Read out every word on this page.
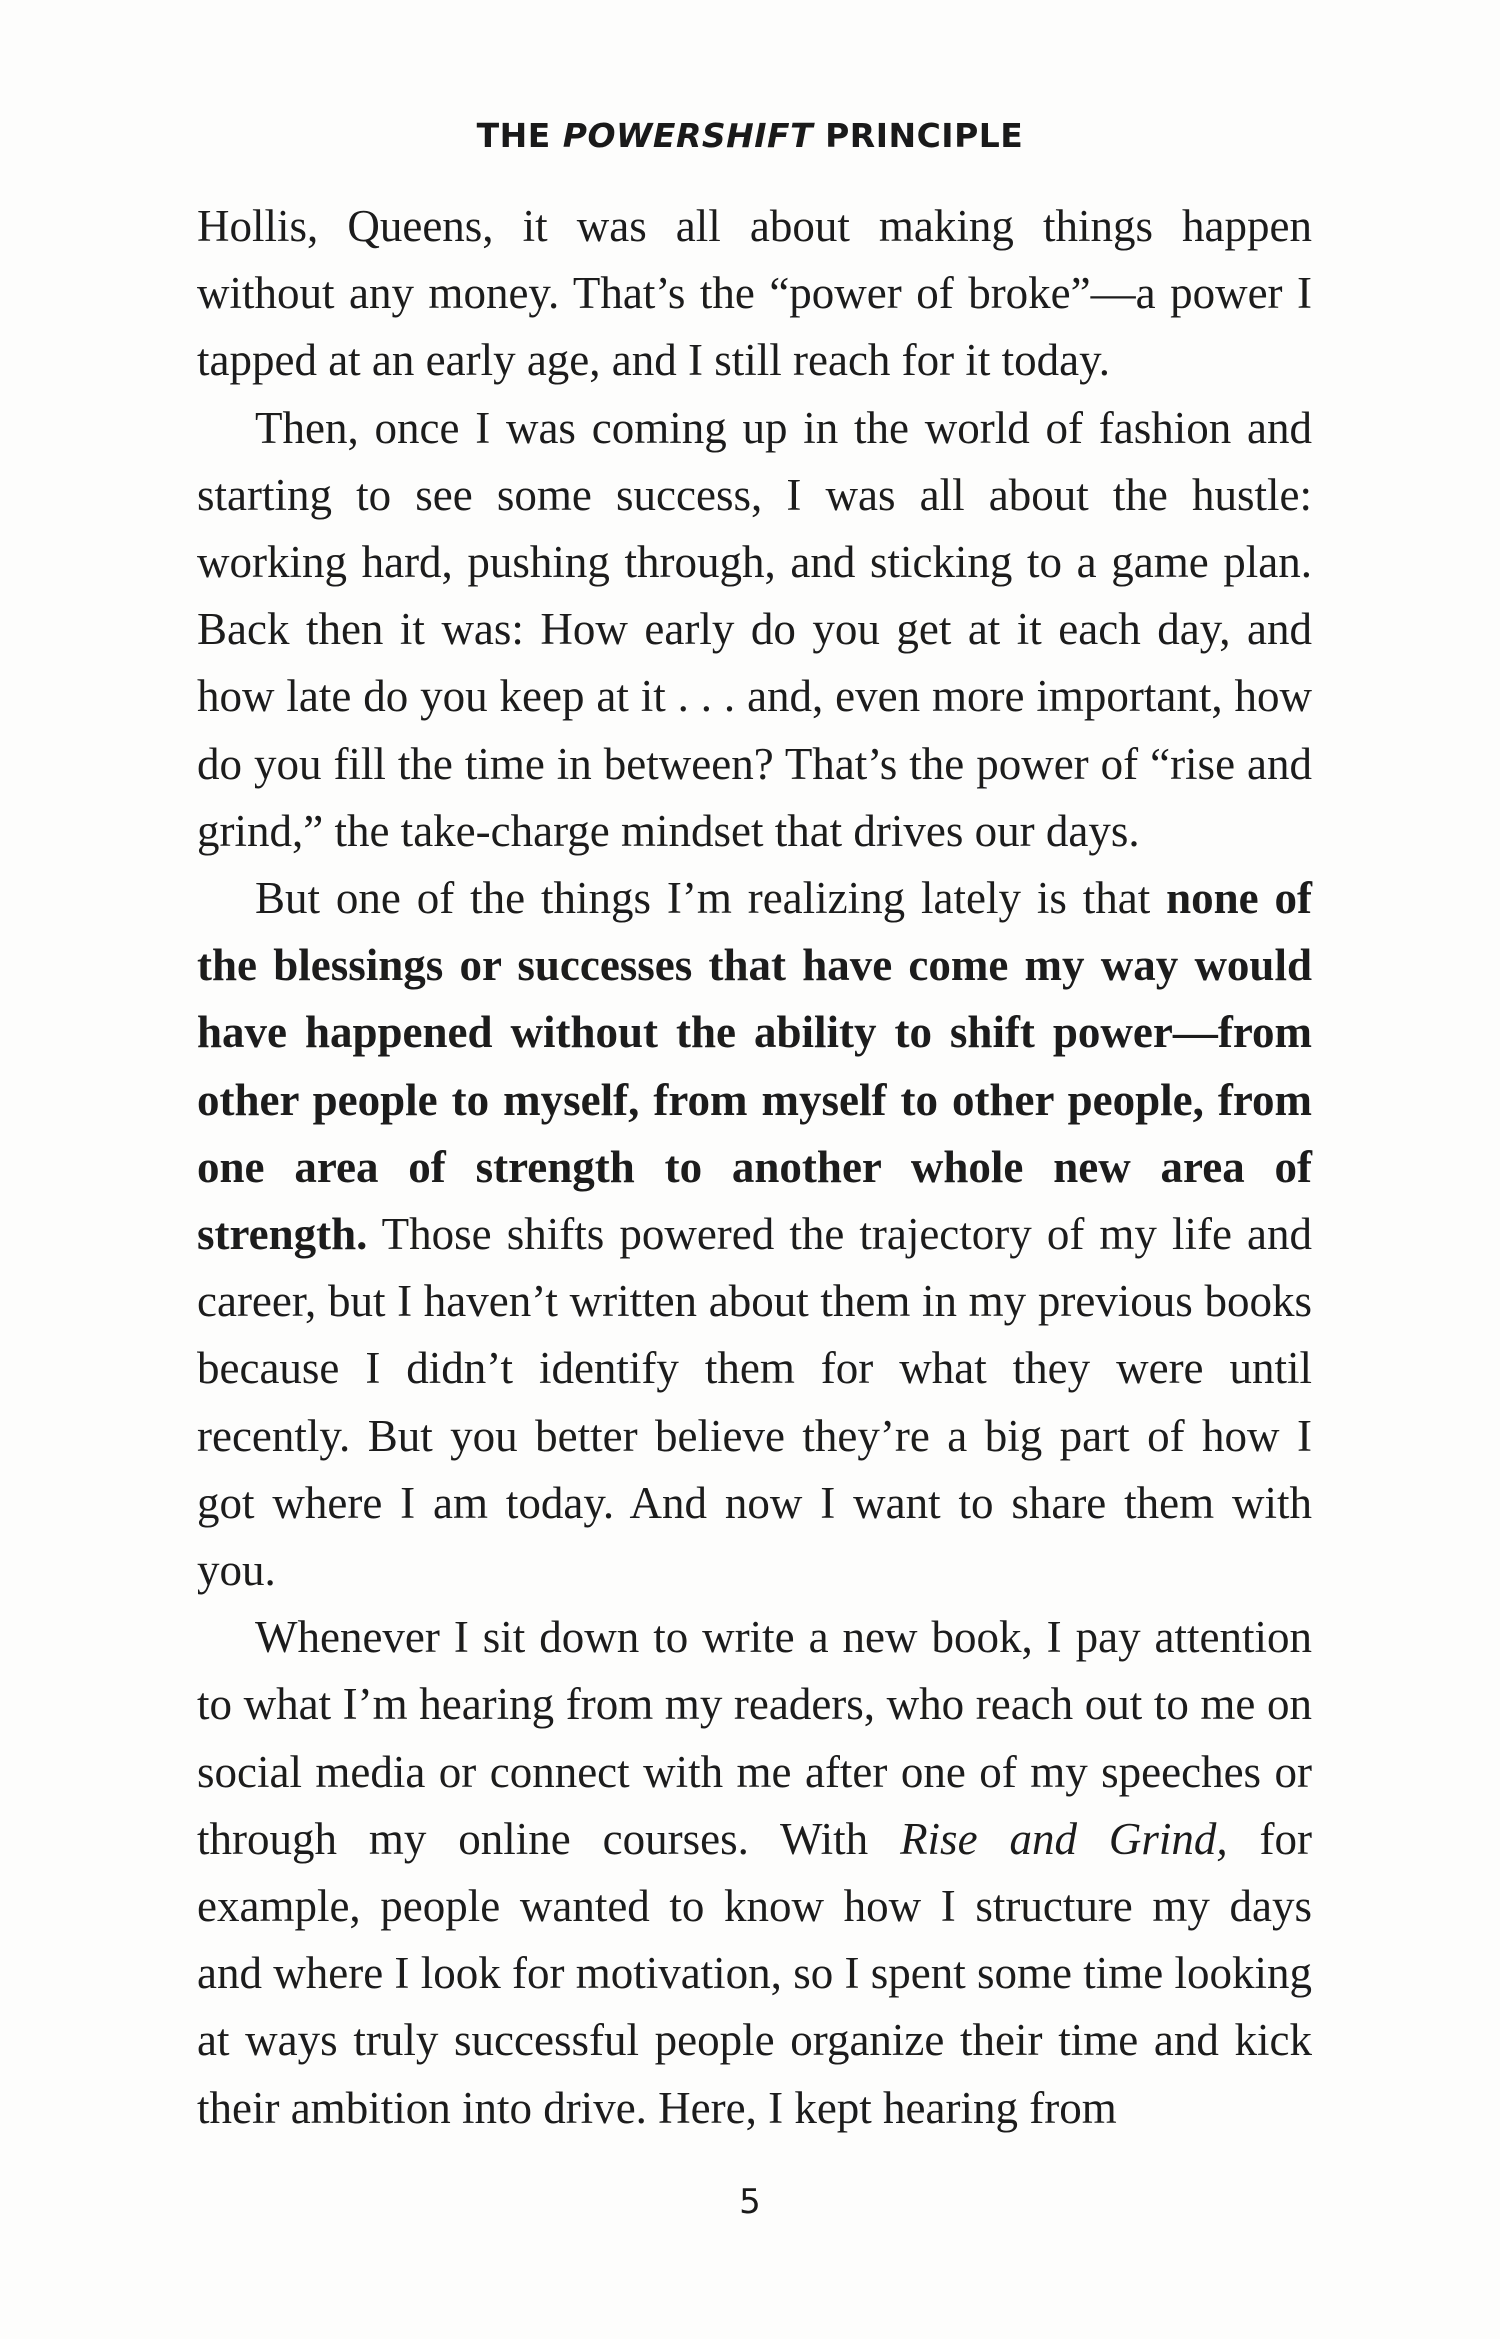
THE POWERSHIFT PRINCIPLE

Hollis, Queens, it was all about making things happen without any money. That’s the “power of broke”—a power I tapped at an early age, and I still reach for it today.

Then, once I was coming up in the world of fashion and starting to see some success, I was all about the hustle: working hard, pushing through, and sticking to a game plan. Back then it was: How early do you get at it each day, and how late do you keep at it . . . and, even more important, how do you fill the time in between? That’s the power of “rise and grind,” the take-charge mindset that drives our days.

But one of the things I’m realizing lately is that none of the blessings or successes that have come my way would have happened without the ability to shift power—from other people to myself, from myself to other people, from one area of strength to another whole new area of strength. Those shifts powered the trajectory of my life and career, but I haven’t written about them in my previous books because I didn’t identify them for what they were until recently. But you better believe they’re a big part of how I got where I am today. And now I want to share them with you.

Whenever I sit down to write a new book, I pay attention to what I’m hearing from my readers, who reach out to me on social media or connect with me after one of my speeches or through my online courses. With Rise and Grind, for example, people wanted to know how I structure my days and where I look for motivation, so I spent some time looking at ways truly successful people organize their time and kick their ambition into drive. Here, I kept hearing from

5
